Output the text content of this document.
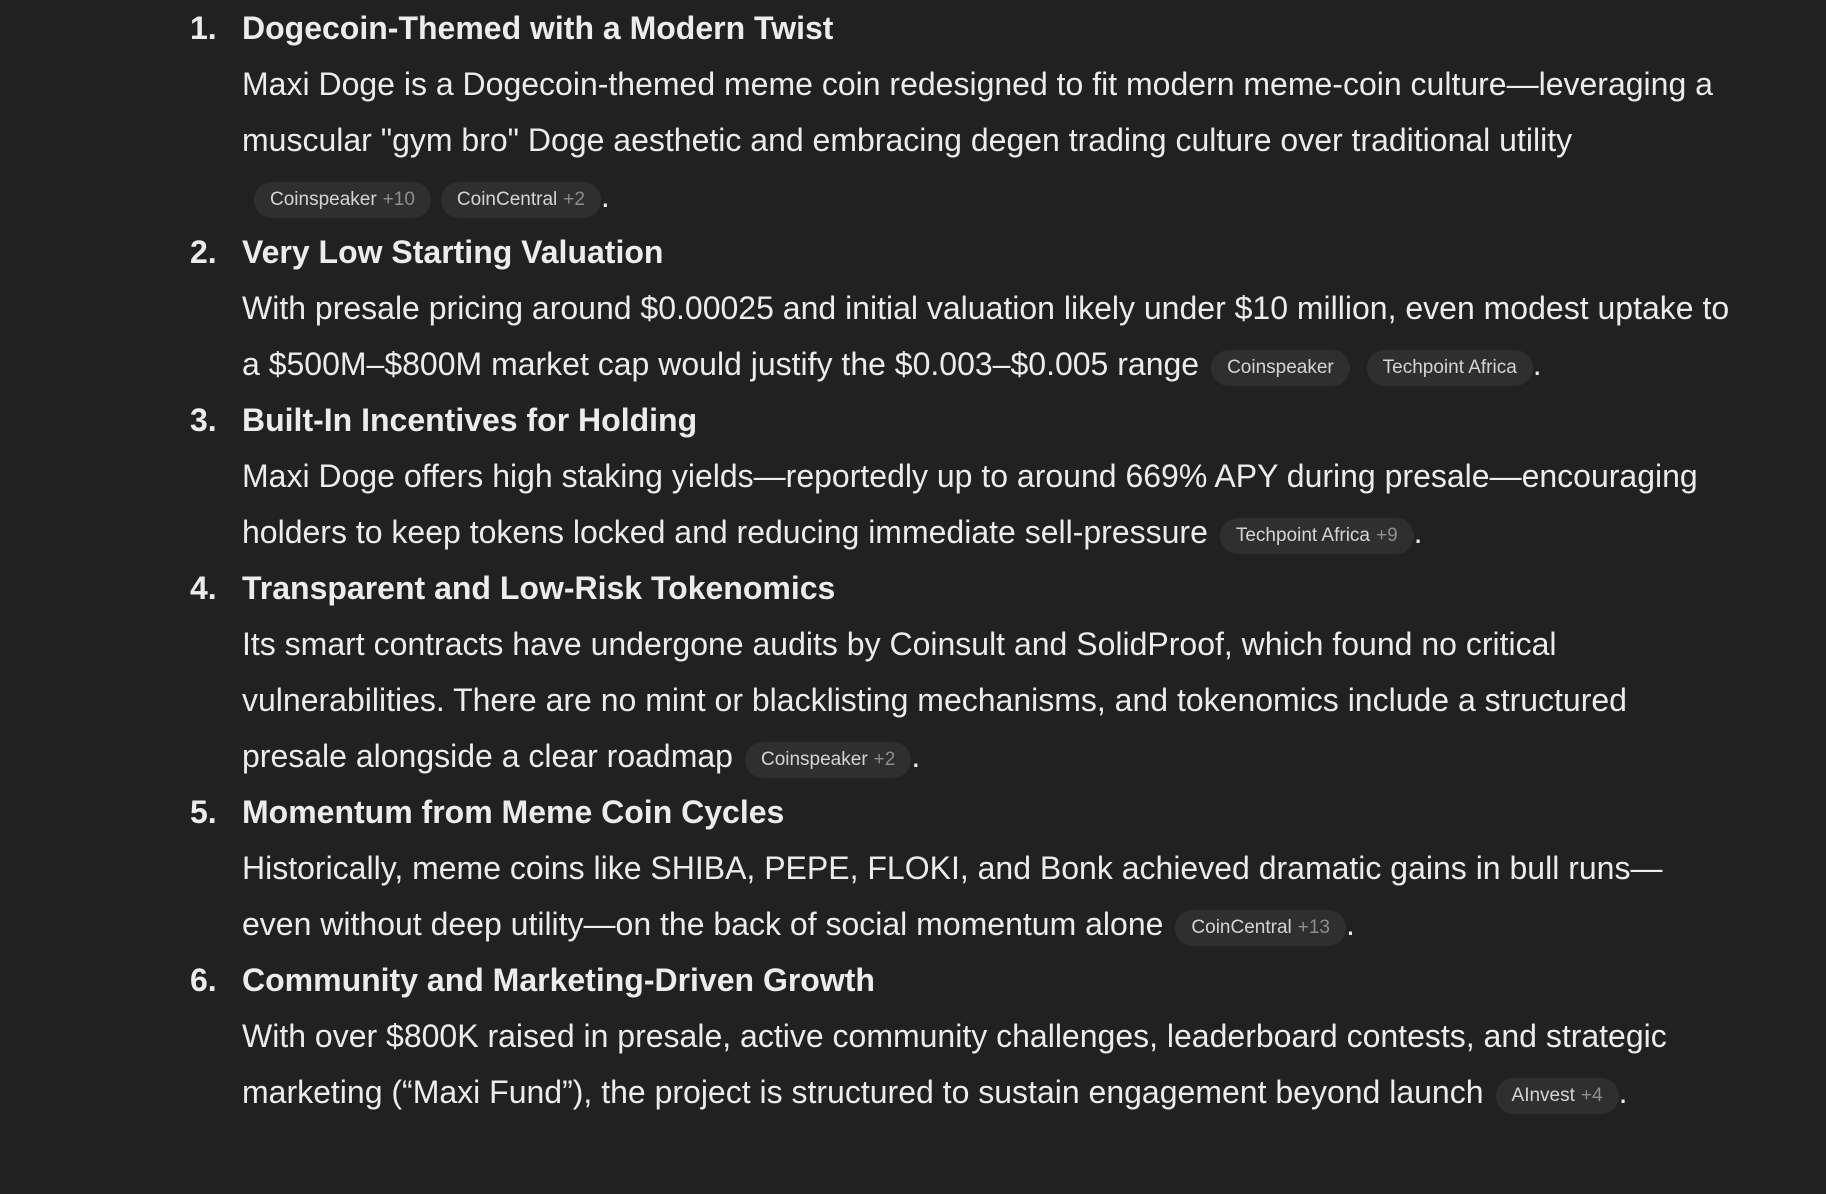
1. Dogecoin-Themed with a Modern Twist

Maxi Doge is a Dogecoin-themed meme coin redesigned to fit modern meme-coin culture—leveraging a muscular "gym bro" Doge aesthetic and embracing degen trading culture over traditional utilityCoinspeaker +10 CoinCentral +2 .

2. Very Low Starting Valuation

With presale pricing around $0.00025 and initial valuation likely under $10 million, even modest uptake to a $500M–$800M market cap would justify the $0.003–$0.005 range Coinspeaker	Techpoint Africa .

3. Built-In Incentives for Holding

Maxi Doge offers high staking yields—reportedly up to around 669% APY during presale—encouraging holders to keep tokens locked and reducing immediate sell-pressure Techpoint Africa +9 .

4. Transparent and Low-Risk Tokenomics

Its smart contracts have undergone audits by Coinsult and SolidProof, which found no critical vulnerabilities. There are no mint or blacklisting mechanisms, and tokenomics include a structured presale alongside a clear roadmap Coinspeaker +2 .

5. Momentum from Meme Coin Cycles

Historically, meme coins like SHIBA, PEPE, FLOKI, and Bonk achieved dramatic gains in bull runs—even without deep utility—on the back of social momentum alone CoinCentral +13 .

6. Community and Marketing-Driven Growth

With over $800K raised in presale, active community challenges, leaderboard contests, and strategic marketing (“Maxi Fund”), the project is structured to sustain engagement beyond launch AInvest +4 .
